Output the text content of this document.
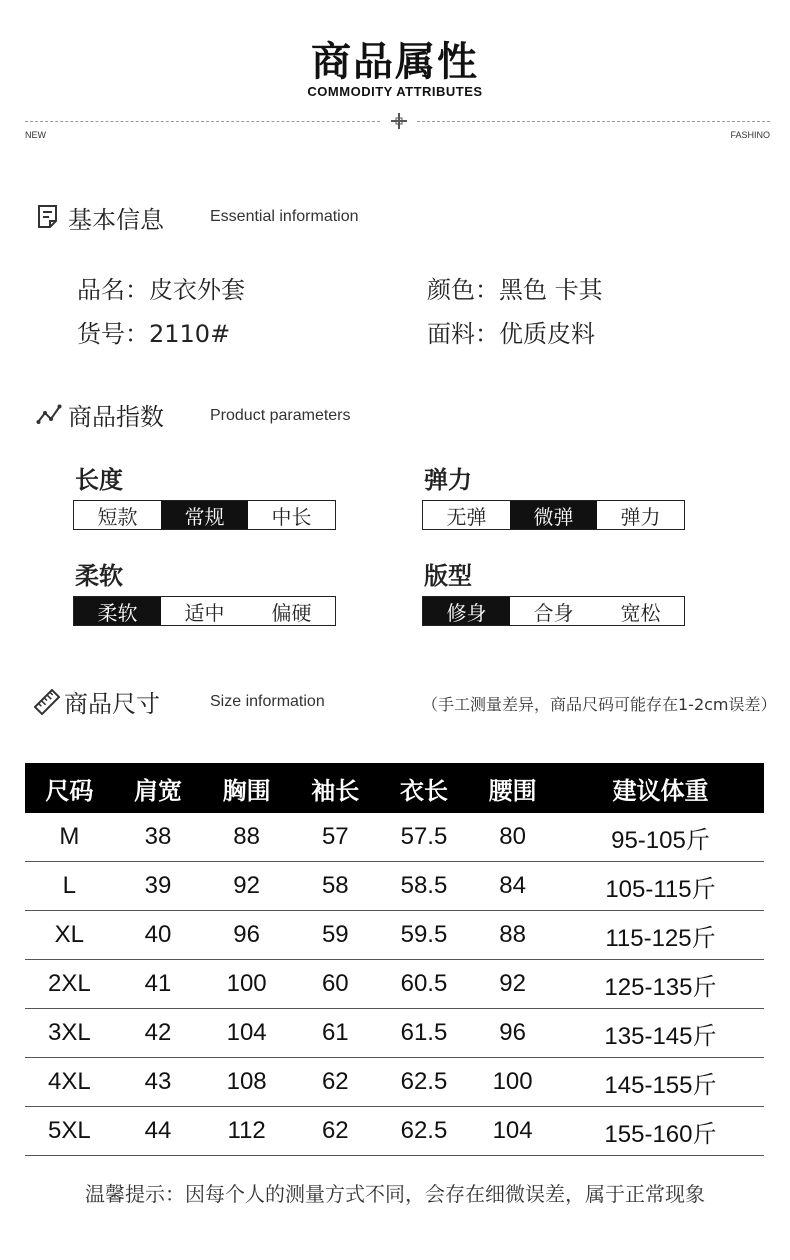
商品属性
COMMODITY ATTRIBUTES
NEW	FASHINO
基本信息	Essential information
品名：皮衣外套	颜色：黑色 卡其
货号：2110#	面料：优质皮料
商品指数	Product parameters
长度
短款	常规	中长
弹力
无弹	微弹	弹力
柔软
柔软	适中	偏硬
版型
修身	合身	宽松
商品尺寸	Size information	（手工测量差异，商品尺码可能存在1-2cm误差）
尺码	肩宽	胸围	袖长	衣长	腰围	建议体重
M	38	88	57	57.5	80	95-105斤
L	39	92	58	58.5	84	105-115斤
XL	40	96	59	59.5	88	115-125斤
2XL	41	100	60	60.5	92	125-135斤
3XL	42	104	61	61.5	96	135-145斤
4XL	43	108	62	62.5	100	145-155斤
5XL	44	112	62	62.5	104	155-160斤
温馨提示：因每个人的测量方式不同，会存在细微误差，属于正常现象
